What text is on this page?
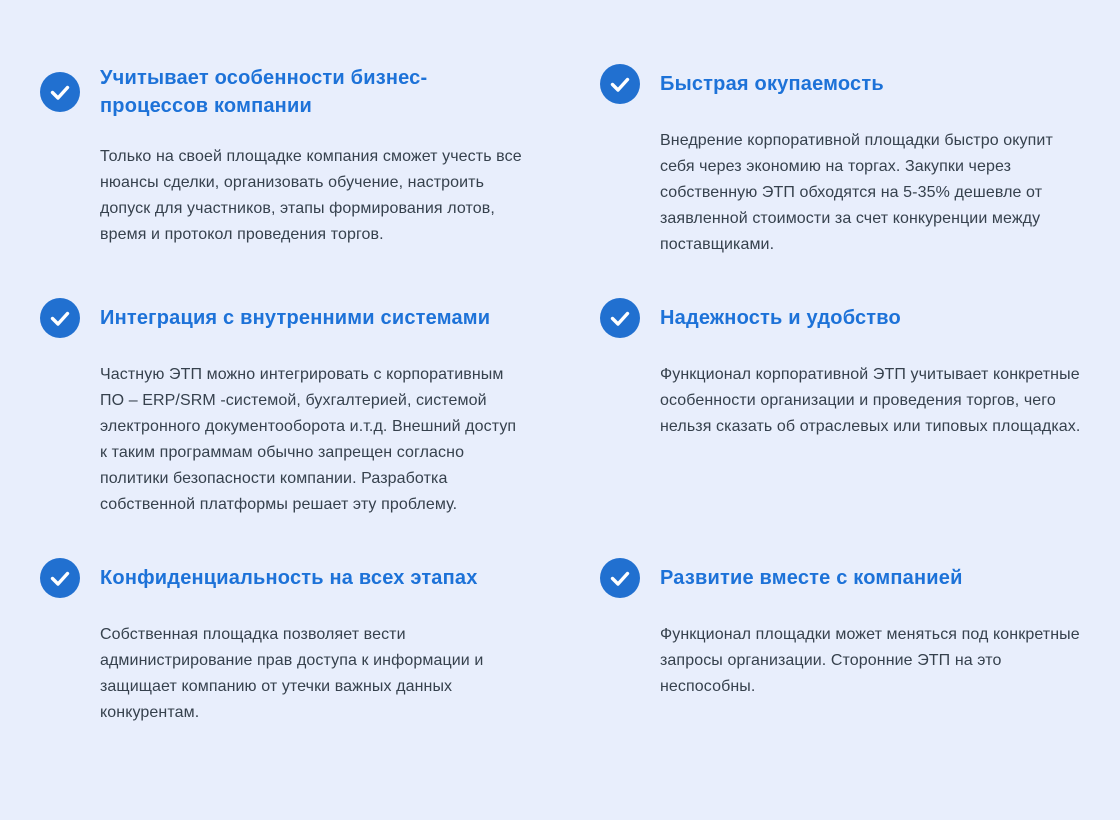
Учитывает особенности бизнес-процессов компании

Только на своей площадке компания сможет учесть все нюансы сделки, организовать обучение, настроить допуск для участников, этапы формирования лотов, время и протокол проведения торгов.

Быстрая окупаемость

Внедрение корпоративной площадки быстро окупит себя через экономию на торгах. Закупки через собственную ЭТП обходятся на 5-35% дешевле от заявленной стоимости за счет конкуренции между поставщиками.

Интеграция с внутренними системами

Частную ЭТП можно интегрировать с корпоративным ПО – ERP/SRM -системой, бухгалтерией, системой электронного документооборота и.т.д. Внешний доступ к таким программам обычно запрещен согласно политики безопасности компании. Разработка собственной платформы решает эту проблему.

Надежность и удобство

Функционал корпоративной ЭТП учитывает конкретные особенности организации и проведения торгов, чего нельзя сказать об отраслевых или типовых площадках.

Конфиденциальность на всех этапах

Собственная площадка позволяет вести администрирование прав доступа к информации и защищает компанию от утечки важных данных конкурентам.

Развитие вместе с компанией

Функционал площадки может меняться под конкретные запросы организации. Сторонние ЭТП на это неспособны.
